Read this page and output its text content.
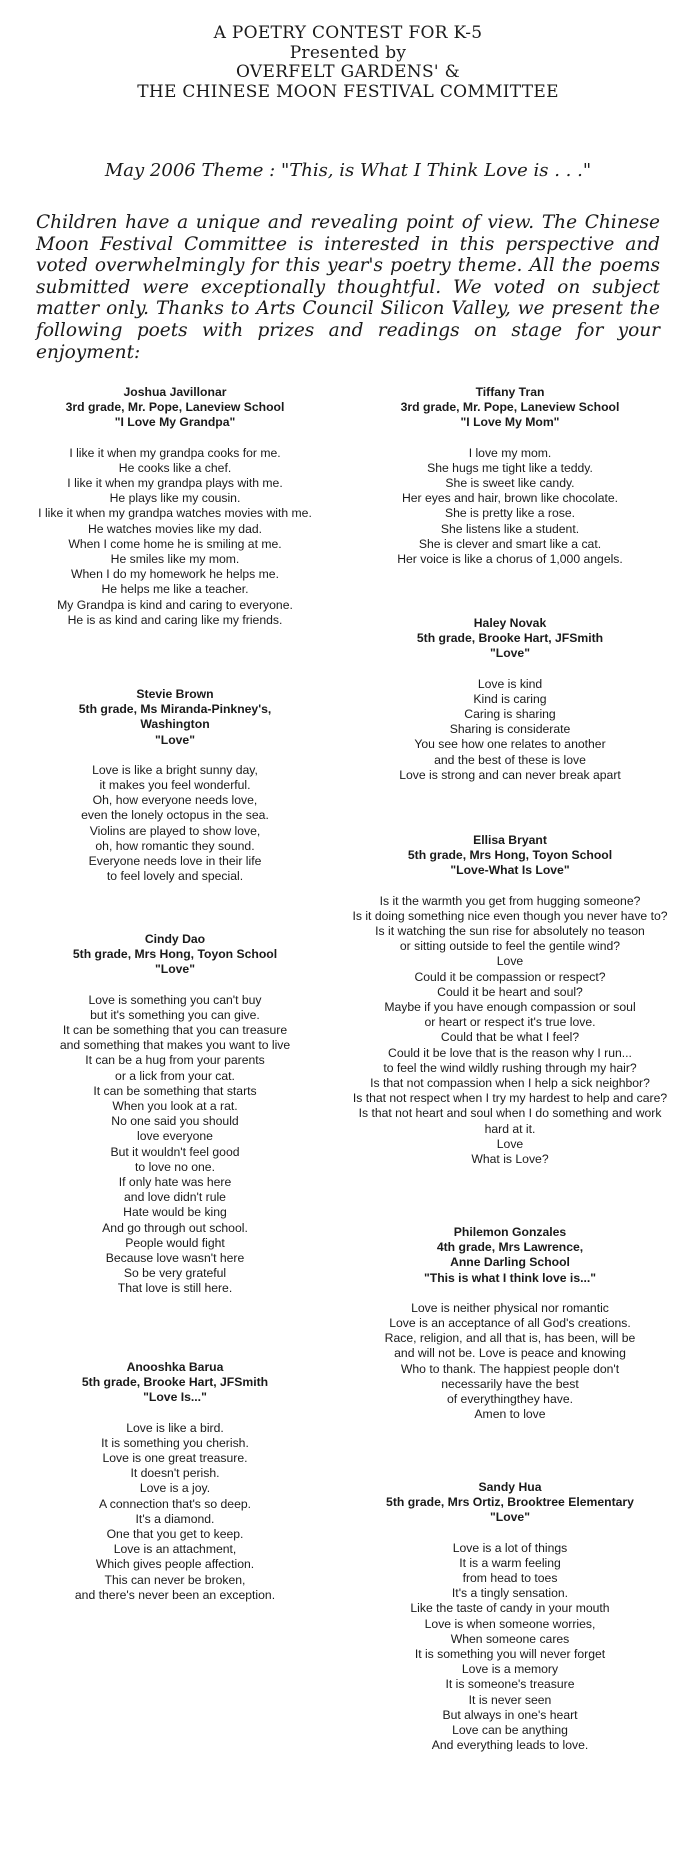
A POETRY CONTEST FOR K-5
Presented by
OVERFELT GARDENS' &
THE CHINESE MOON FESTIVAL COMMITTEE
May 2006 Theme : "This, is What I Think Love is . . ."
Children have a unique and revealing point of view. The Chinese Moon Festival Committee is interested in this perspective and voted overwhelmingly for this year's poetry theme. All the poems submitted were exceptionally thoughtful. We voted on subject matter only. Thanks to Arts Council Silicon Valley, we present the following poets with prizes and readings on stage for your enjoyment:
Joshua Javillonar
3rd grade, Mr. Pope, Laneview School
"I Love My Grandpa"
I like it when my grandpa cooks for me.
He cooks like a chef.
I like it when my grandpa plays with me.
He plays like my cousin.
I like it when my grandpa watches movies with me.
He watches movies like my dad.
When I come home he is smiling at me.
He smiles like my mom.
When I do my homework he helps me.
He helps me like a teacher.
My Grandpa is kind and caring to everyone.
He is as kind and caring like my friends.
Stevie Brown
5th grade, Ms Miranda-Pinkney's,
Washington
"Love"
Love is like a bright sunny day,
it makes you feel wonderful.
Oh, how everyone needs love,
even the lonely octopus in the sea.
Violins are played to show love,
oh, how romantic they sound.
Everyone needs love in their life
to feel lovely and special.
Cindy Dao
5th grade, Mrs Hong, Toyon School
"Love"
Love is something you can't buy
but it's something you can give.
It can be something that you can treasure
and something that makes you want to live
It can be a hug from your parents
or a lick from your cat.
It can be something that starts
When you look at a rat.
No one said you should
love everyone
But it wouldn't feel good
to love no one.
If only hate was here
and love didn't rule
Hate would be king
And go through out school.
People would fight
Because love wasn't here
So be very grateful
That love is still here.
Anooshka Barua
5th grade, Brooke Hart, JFSmith
"Love Is..."
Love is like a bird.
It is something you cherish.
Love is one great treasure.
It doesn't perish.
Love is a joy.
A connection that's so deep.
It's a diamond.
One that you get to keep.
Love is an attachment,
Which gives people affection.
This can never be broken,
and there's never been an exception.
Tiffany Tran
3rd grade, Mr. Pope, Laneview School
"I Love My Mom"
I love my mom.
She hugs me tight like a teddy.
She is sweet like candy.
Her eyes and hair, brown like chocolate.
She is pretty like a rose.
She listens like a student.
She is clever and smart like a cat.
Her voice is like a chorus of 1,000 angels.
Haley Novak
5th grade, Brooke Hart, JFSmith
"Love"
Love is kind
Kind is caring
Caring is sharing
Sharing is considerate
You see how one relates to another
and the best of these is love
Love is strong and can never break apart
Ellisa Bryant
5th grade, Mrs Hong, Toyon School
"Love-What Is Love"
Is it the warmth you get from hugging someone?
Is it doing something nice even though you never have to?
Is it watching the sun rise for absolutely no teason
or sitting outside to feel the gentile wind?
Love
Could it be compassion or respect?
Could it be heart and soul?
Maybe if you have enough compassion or soul
or heart or respect it's true love.
Could that be what I feel?
Could it be love that is the reason why I run...
to feel the wind wildly rushing through my hair?
Is that not compassion when I help a sick neighbor?
Is that not respect when I try my hardest to help and care?
Is that not heart and soul when I do something and work
hard at it.
Love
What is Love?
Philemon Gonzales
4th grade, Mrs Lawrence,
Anne Darling School
"This is what I think love is..."
Love is neither physical nor romantic
Love is an acceptance of all God's creations.
Race, religion, and all that is, has been, will be
and will not be. Love is peace and knowing
Who to thank. The happiest people don't
necessarily have the best
of everythingthey have.
Amen to love
Sandy Hua
5th grade, Mrs Ortiz, Brooktree Elementary
"Love"
Love is a lot of things
It is a warm feeling
from head to toes
It's a tingly sensation.
Like the taste of candy in your mouth
Love is when someone worries,
When someone cares
It is something you will never forget
Love is a memory
It is someone's treasure
It is never seen
But always in one's heart
Love can be anything
And everything leads to love.
